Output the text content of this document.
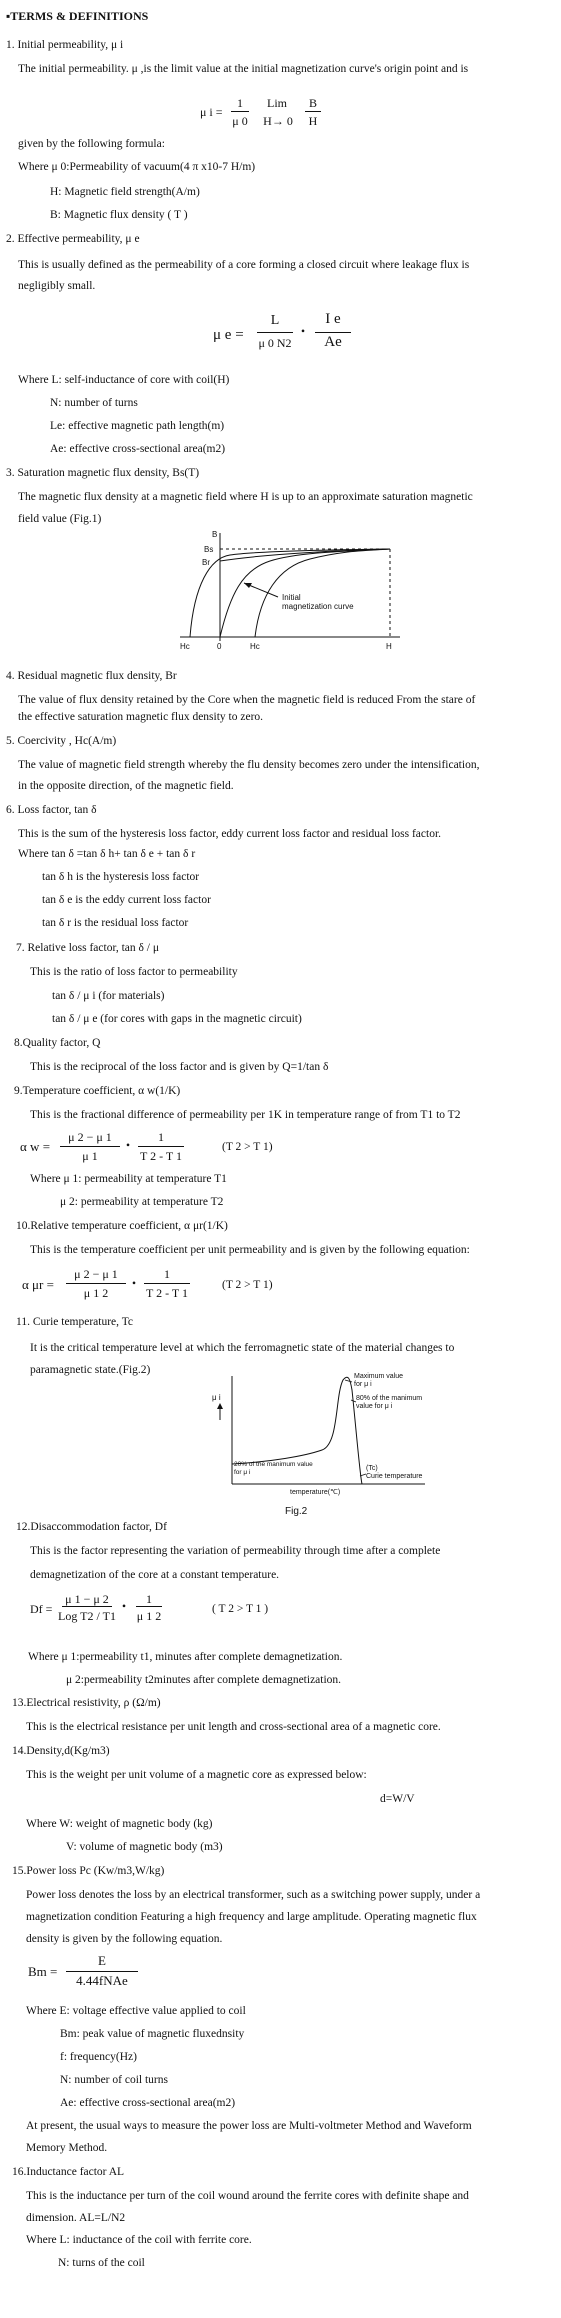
▪TERMS & DEFINITIONS
1. Initial permeability, μ i
The initial permeability. μ ,is the limit value at the initial magnetization curve's origin point and is
μ i =
1
μ 0
Lim
H→ 0
B
H
given by the following formula:
Where μ 0:Permeability of vacuum(4 π x10-7 H/m)
H: Magnetic field strength(A/m)
B: Magnetic flux density ( T )
2. Effective permeability, μ e
This is usually defined as the permeability of a core forming a closed circuit where leakage flux is
negligibly small.
μ e =
L
μ 0 N2
•
I e
Ae
Where L: self-inductance of core with coil(H)
N: number of turns
Le: effective magnetic path length(m)
Ae: effective cross-sectional area(m2)
3. Saturation magnetic flux density, Bs(T)
The magnetic flux density at a magnetic field where H is up to an approximate saturation magnetic
field value (Fig.1)
B
Bs
Br
Hc	0	Hc	H
Initial
magnetization curve
4. Residual magnetic flux density, Br
The value of flux density retained by the Core when the magnetic field is reduced From the stare of
the effective saturation magnetic flux density to zero.
5. Coercivity , Hc(A/m)
The value of magnetic field strength whereby the flu density becomes zero under the intensification,
in the opposite direction, of the magnetic field.
6. Loss factor, tan δ
This is the sum of the hysteresis loss factor, eddy current loss factor and residual loss factor.
Where tan δ =tan δ h+ tan δ e + tan δ r
tan δ h is the hysteresis loss factor
tan δ e is the eddy current loss factor
tan δ r is the residual loss factor
7. Relative loss factor, tan δ / μ
This is the ratio of loss factor to permeability
tan δ / μ i (for materials)
tan δ / μ e (for cores with gaps in the magnetic circuit)
8.Quality factor, Q
This is the reciprocal of the loss factor and is given by Q=1/tan δ
9.Temperature coefficient, α w(1/K)
This is the fractional difference of permeability per 1K in temperature range of from T1 to T2
α w =
μ 2 − μ 1
μ 1
•
1
T 2 - T 1
(T 2 > T 1)
Where μ 1: permeability at temperature T1
μ 2: permeability at temperature T2
10.Relative temperature coefficient, α μr(1/K)
This is the temperature coefficient per unit permeability and is given by the following equation:
α μr =
μ 2 − μ 1
μ 1 2
•
1
T 2 - T 1
(T 2 > T 1)
11. Curie temperature, Tc
It is the critical temperature level at which the ferromagnetic state of the material changes to
paramagnetic state.(Fig.2)
μ i
Maximum value
for μ i
80% of the manimum
value for μ i
20% of the manimum value
for μ i
(Tc)
Curie temperature
temperature(℃)
Fig.2
12.Disaccommodation factor, Df
This is the factor representing the variation of permeability through time after a complete
demagnetization of the core at a constant temperature.
Df =
μ 1 − μ 2
Log T2 / T1
•
1
μ 1 2	( T 2 > T 1 )
Where μ 1:permeability t1, minutes after complete demagnetization.
μ 2:permeability t2minutes after complete demagnetization.
13.Electrical resistivity, ρ (Ω/m)
This is the electrical resistance per unit length and cross-sectional area of a magnetic core.
14.Density,d(Kg/m3)
This is the weight per unit volume of a magnetic core as expressed below:
d=W/V
Where W: weight of magnetic body (kg)
V: volume of magnetic body (m3)
15.Power loss Pc (Kw/m3,W/kg)
Power loss denotes the loss by an electrical transformer, such as a switching power supply, under a
magnetization condition Featuring a high frequency and large amplitude. Operating magnetic flux
density is given by the following equation.
Bm =
E
4.44fNAe
Where E: voltage effective value applied to coil
Bm: peak value of magnetic fluxednsity
f: frequency(Hz)
N: number of coil turns
Ae: effective cross-sectional area(m2)
At present, the usual ways to measure the power loss are Multi-voltmeter Method and Waveform
Memory Method.
16.Inductance factor AL
This is the inductance per turn of the coil wound around the ferrite cores with definite shape and
dimension. AL=L/N2
Where L: inductance of the coil with ferrite core.
N: turns of the coil
